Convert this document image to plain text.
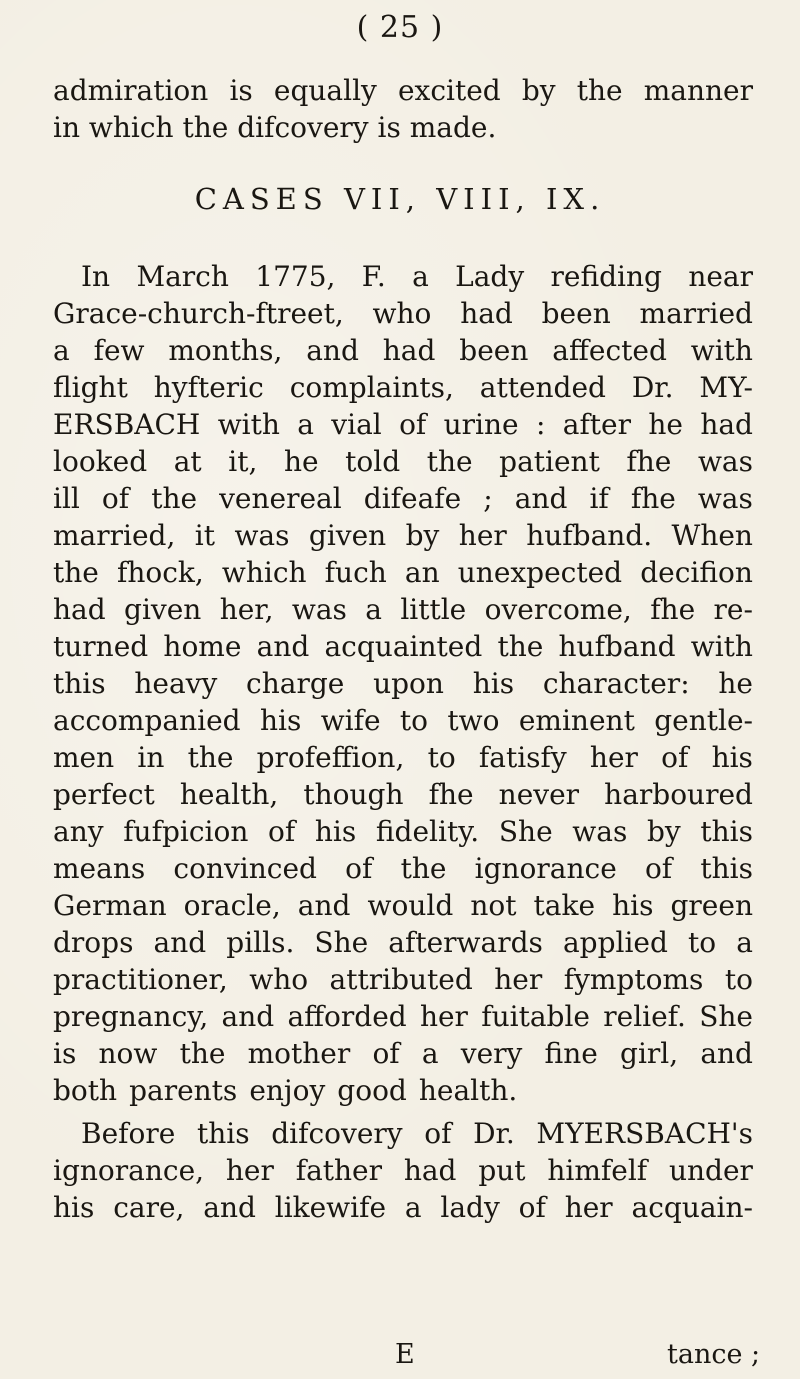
( 25 )
admiration is equally excited by the manner
in which the difcovery is made.
CASES VII, VIII, IX.
In March 1775, F. a Lady refiding near
Grace-church-ftreet, who had been married
a few months, and had been affected with
flight hyfteric complaints, attended Dr. MY-
ERSBACH with a vial of urine : after he had
looked at it, he told the patient fhe was
ill of the venereal difeafe ; and if fhe was
married, it was given by her hufband. When
the fhock, which fuch an unexpected decifion
had given her, was a little overcome, fhe re-
turned home and acquainted the hufband with
this heavy charge upon his character: he
accompanied his wife to two eminent gentle-
men in the profeffion, to fatisfy her of his
perfect health, though fhe never harboured
any fufpicion of his fidelity. She was by this
means convinced of the ignorance of this
German oracle, and would not take his green
drops and pills. She afterwards applied to a
practitioner, who attributed her fymptoms to
pregnancy, and afforded her fuitable relief. She
is now the mother of a very fine girl, and
both parents enjoy good health.
Before this difcovery of Dr. MYERSBACH's
ignorance, her father had put himfelf under
his care, and likewife a lady of her acquain-
E	tance ;
